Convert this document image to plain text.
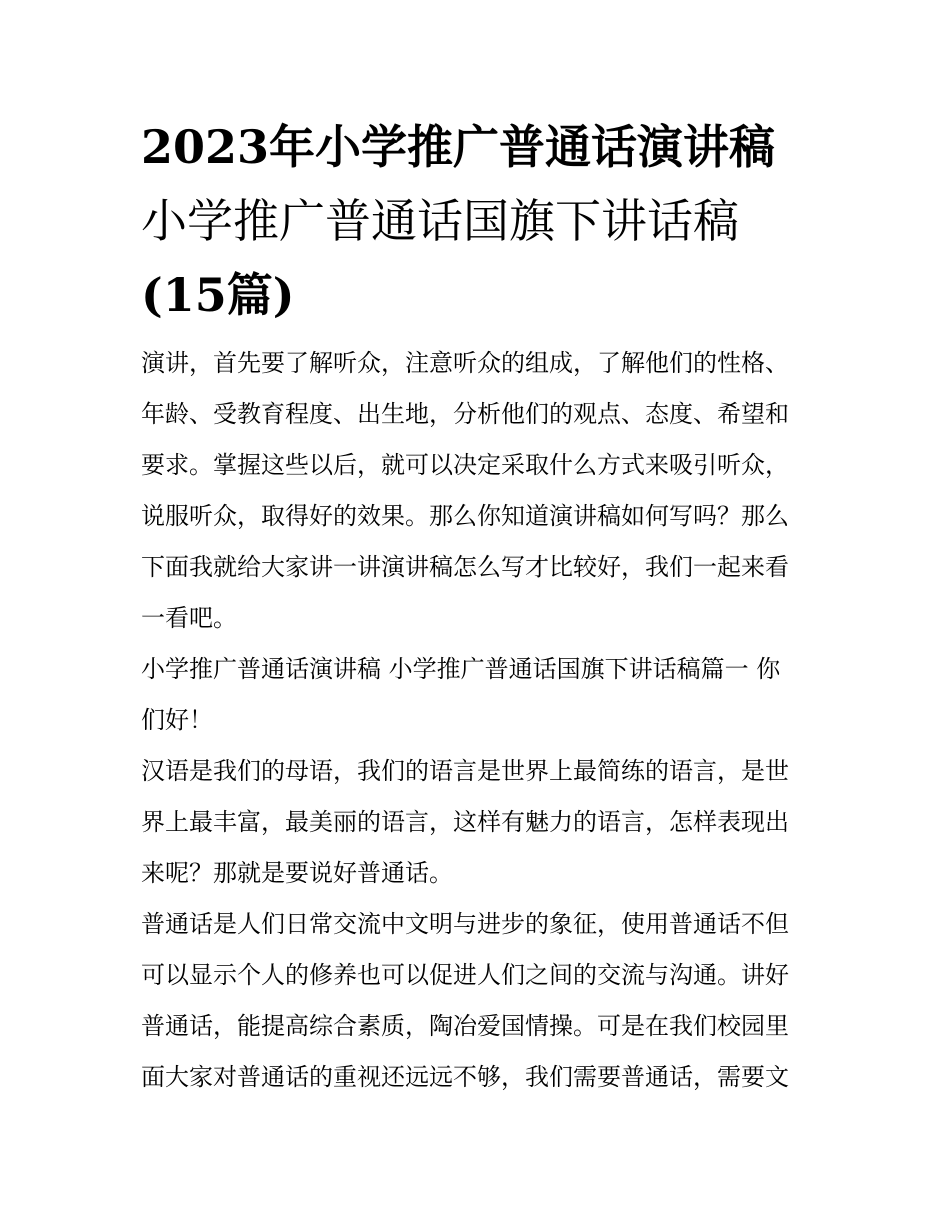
2023年小学推广普通话演讲稿
小学推广普通话国旗下讲话稿
(15篇)

演讲，首先要了解听众，注意听众的组成，了解他们的性格、
年龄、受教育程度、出生地，分析他们的观点、态度、希望和
要求。掌握这些以后，就可以决定采取什么方式来吸引听众，
说服听众，取得好的效果。那么你知道演讲稿如何写吗？那么
下面我就给大家讲一讲演讲稿怎么写才比较好，我们一起来看
一看吧。

小学推广普通话演讲稿 小学推广普通话国旗下讲话稿篇一 你
们好！

汉语是我们的母语，我们的语言是世界上最简练的语言，是世
界上最丰富，最美丽的语言，这样有魅力的语言，怎样表现出
来呢？那就是要说好普通话。

普通话是人们日常交流中文明与进步的象征，使用普通话不但
可以显示个人的修养也可以促进人们之间的交流与沟通。讲好
普通话，能提高综合素质，陶冶爱国情操。可是在我们校园里
面大家对普通话的重视还远远不够，我们需要普通话，需要文
